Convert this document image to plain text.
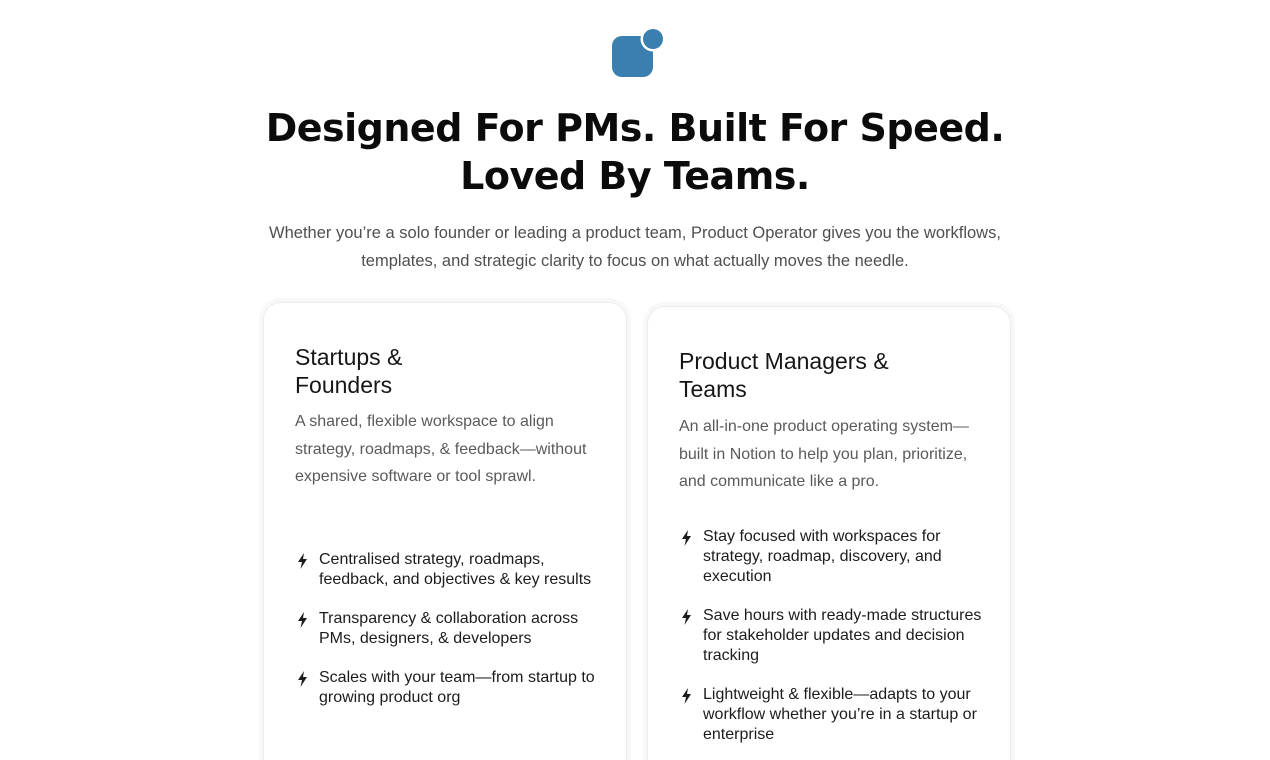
Designed For PMs. Built For Speed.
Loved By Teams.

Whether you’re a solo founder or leading a product team, Product Operator gives you the workflows,
templates, and strategic clarity to focus on what actually moves the needle.

Startups &
Founders

A shared, flexible workspace to align strategy, roadmaps, & feedback—without expensive software or tool sprawl.

Centralised strategy, roadmaps, feedback, and objectives & key results
Transparency & collaboration across PMs, designers, & developers
Scales with your team—from startup to growing product org
Product Managers &
Teams

An all-in-one product operating system—built in Notion to help you plan, prioritize, and communicate like a pro.

Stay focused with workspaces for strategy, roadmap, discovery, and execution
Save hours with ready-made structures for stakeholder updates and decision tracking
Lightweight & flexible—adapts to your workflow whether you’re in a startup or enterprise
